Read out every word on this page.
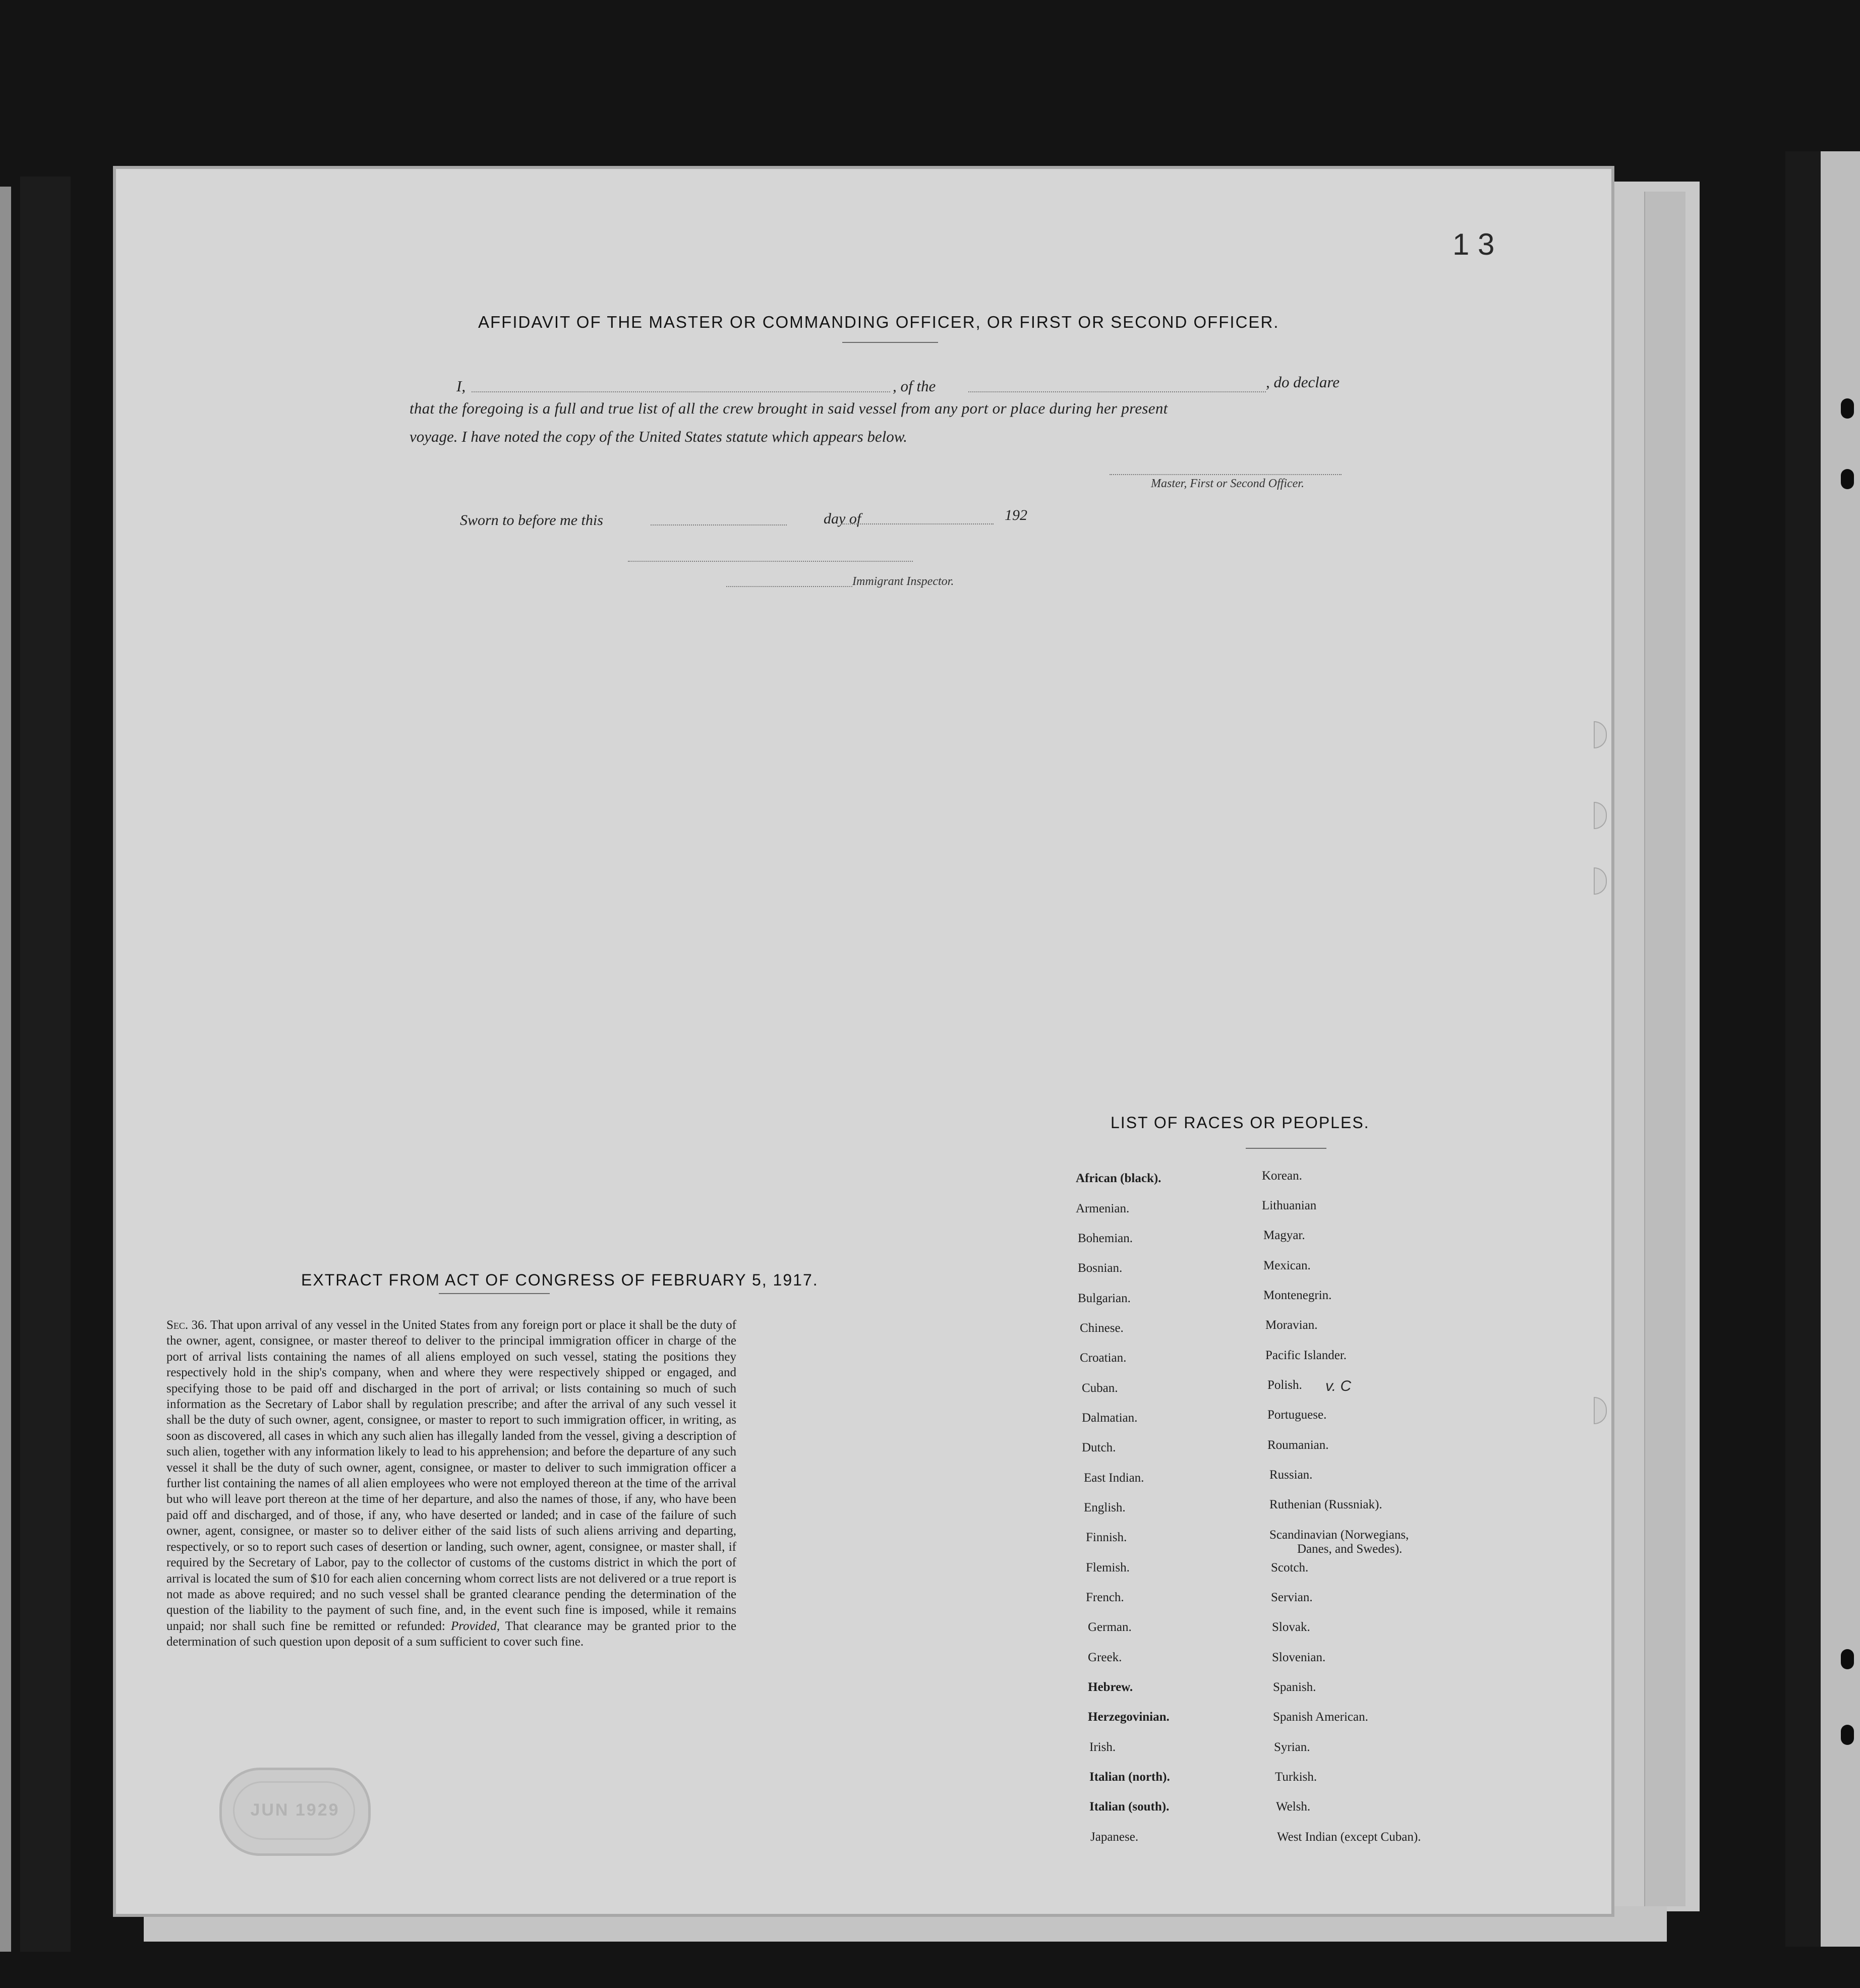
1 3
AFFIDAVIT OF THE MASTER OR COMMANDING OFFICER, OR FIRST OR SECOND OFFICER.
I,	, of the	, do declare
that the foregoing is a full and true list of all the crew brought in said vessel from any port or place during her present
voyage. I have noted the copy of the United States statute which appears below.
Master, First or Second Officer.
Sworn to before me this	day of	192
Immigrant Inspector.
EXTRACT FROM ACT OF CONGRESS OF FEBRUARY 5, 1917.
Sec. 36. That upon arrival of any vessel in the United States from any foreign port or place it shall be the duty of the owner, agent, consignee, or master thereof to deliver to the principal immigration officer in charge of the port of arrival lists containing the names of all aliens employed on such vessel, stating the positions they respectively hold in the ship's company, when and where they were respectively shipped or engaged, and specifying those to be paid off and discharged in the port of arrival; or lists containing so much of such information as the Secretary of Labor shall by regulation prescribe; and after the arrival of any such vessel it shall be the duty of such owner, agent, consignee, or master to report to such immigration officer, in writing, as soon as discovered, all cases in which any such alien has illegally landed from the vessel, giving a description of such alien, together with any information likely to lead to his apprehension; and before the departure of any such vessel it shall be the duty of such owner, agent, consignee, or master to deliver to such immigration officer a further list containing the names of all alien employees who were not employed thereon at the time of the arrival but who will leave port thereon at the time of her departure, and also the names of those, if any, who have been paid off and discharged, and of those, if any, who have deserted or landed; and in case of the failure of such owner, agent, consignee, or master so to deliver either of the said lists of such aliens arriving and departing, respectively, or so to report such cases of desertion or landing, such owner, agent, consignee, or master shall, if required by the Secretary of Labor, pay to the collector of customs of the customs district in which the port of arrival is located the sum of $10 for each alien concerning whom correct lists are not delivered or a true report is not made as above required; and no such vessel shall be granted clearance pending the determination of the question of the liability to the payment of such fine, and, in the event such fine is imposed, while it remains unpaid; nor shall such fine be remitted or refunded: Provided, That clearance may be granted prior to the determination of such question upon deposit of a sum sufficient to cover such fine.
LIST OF RACES OR PEOPLES.
African (black).
Armenian.
Bohemian.
Bosnian.
Bulgarian.
Chinese.
Croatian.
Cuban.
Dalmatian.
Dutch.
East Indian.
English.
Finnish.
Flemish.
French.
German.
Greek.
Hebrew.
Herzegovinian.
Irish.
Italian (north).
Italian (south).
Japanese.
Korean.
Lithuanian
Magyar.
Mexican.
Montenegrin.
Moravian.
Pacific Islander.
Polish.
Portuguese.
Roumanian.
Russian.
Ruthenian (Russniak).
Scandinavian (Norwegians,
Danes, and Swedes).
Scotch.
Servian.
Slovak.
Slovenian.
Spanish.
Spanish American.
Syrian.
Turkish.
Welsh.
West Indian (except Cuban).
v. C
JUN 1929
